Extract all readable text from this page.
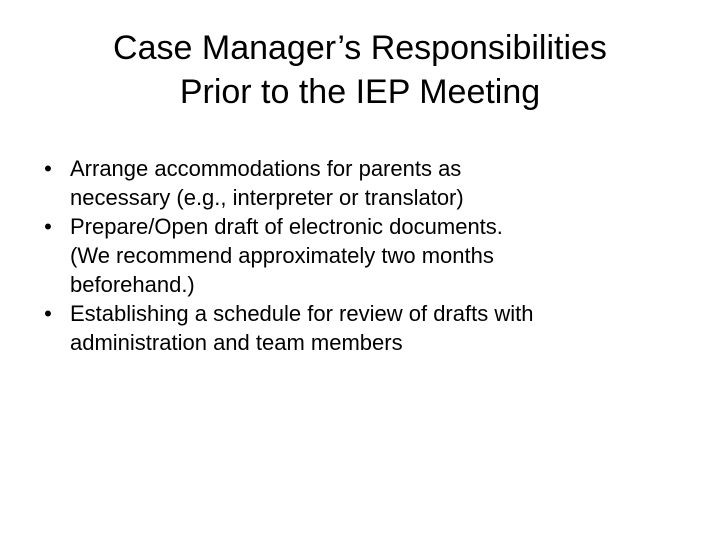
Case Manager’s Responsibilities
Prior to the IEP Meeting
• Arrange accommodations for parents as
necessary (e.g., interpreter or translator)
• Prepare/Open draft of electronic documents.
(We recommend approximately two months
beforehand.)
• Establishing a schedule for review of drafts with
administration and team members
